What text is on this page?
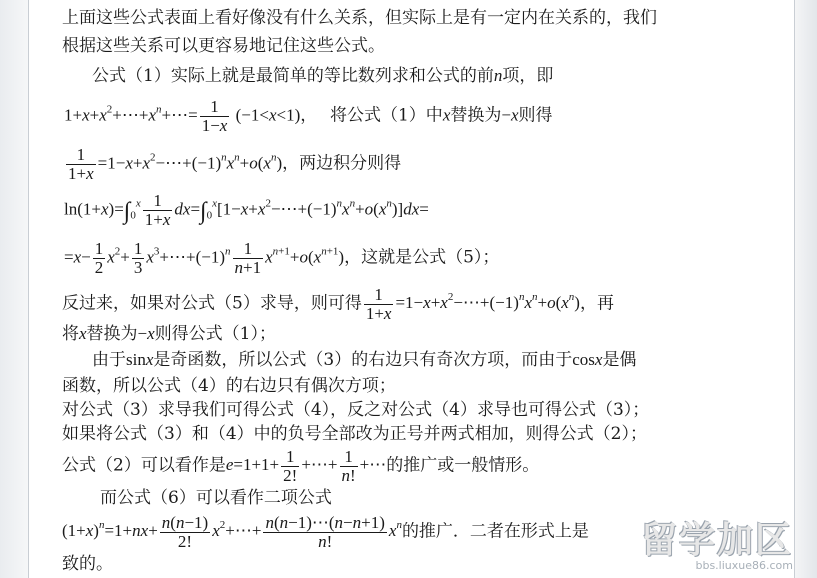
上面这些公式表面上看好像没有什么关系，但实际上是有一定内在关系的，我们
根据这些关系可以更容易地记住这些公式。
公式（1）实际上就是最简单的等比数列求和公式的前n项，即
$1+x+x^2+\cdots+x^n+\cdots= \frac{1}{1-x} (-1<x<1)$，   将公式（1）中x替换为−x则得
$\frac{1}{1+x}$ $=1-x+x^2-\cdots+(-1)^nx^n+o(x^n)$，两边积分则得
$\ln(1+x)=\int_0^x \frac{1}{1+x}$ $dx=\int_0^x[1-x+x^2-\cdots+(-1)^nx^n+o(x^n)]dx=$
$=x- \frac{1}{2} x^2+ \frac{1}{3}$ $x^3+\cdots+(-1)^n \frac{1}{n+1} x^{n+1}+o(x^{n+1})$，这就是公式（5）；
反过来，如果对公式（5）求导，则可得 $\frac{1}{1+x}$ $=1-x+x^2-\cdots+(-1)^nx^n+o(x^n)$，再
将x替换为−x则得公式（1）；
由于sinx是奇函数，所以公式（3）的右边只有奇次方项，而由于cosx是偶
函数，所以公式（4）的右边只有偶次方项；
对公式（3）求导我们可得公式（4），反之对公式（4）求导也可得公式（3）；
如果将公式（3）和（4）中的负号全部改为正号并两式相加，则得公式（2）；
公式（2）可以看作是$e=1+1+ \frac{1}{2!}$ +⋯+ $\frac{1}{n!}$ +⋯的推广或一般情形。
而公式（6）可以看作二项公式
$(1+x)^n=1+nx+ \frac{n(n-1)}{2!}$ $x^2+\cdots+ \frac{n(n-1)\cdots(n-n+1)}{n!} x^n$的推广．二者在形式上是
致的。
留学加区
bbs.liuxue86.com
